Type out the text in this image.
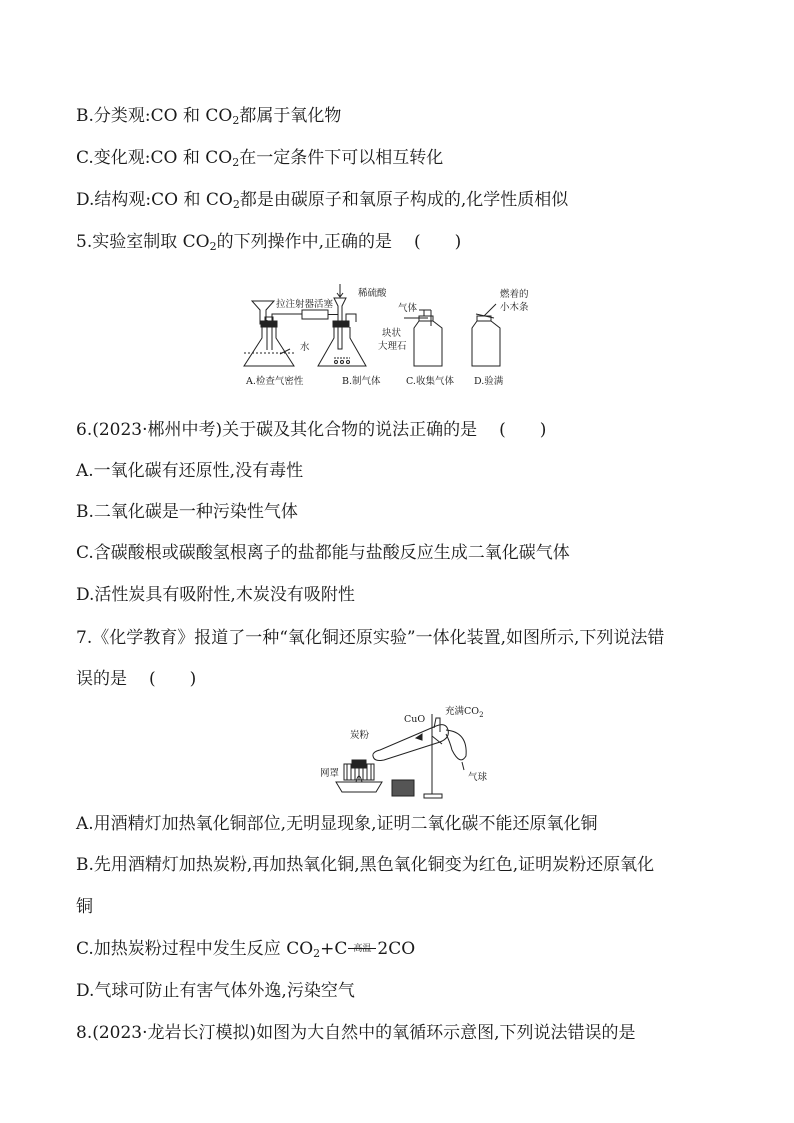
B.分类观:CO 和 $CO_2$都属于氧化物
C.变化观:CO 和 $CO_2$在一定条件下可以相互转化
D.结构观:CO 和 $CO_2$都是由碳原子和氧原子构成的,化学性质相似
5.实验室制取 $CO_2$的下列操作中,正确的是 (　　)
拉注射器活塞
稀硫酸
水
块状
大理石
气体
燃着的
小木条
A.检查气密性	B.制气体	C.收集气体 D.验满
6.(2023·郴州中考)关于碳及其化合物的说法正确的是 (　　)
A.一氧化碳有还原性,没有毒性
B.二氧化碳是一种污染性气体
C.含碳酸根或碳酸氢根离子的盐都能与盐酸反应生成二氧化碳气体
D.活性炭具有吸附性,木炭没有吸附性
7.《化学教育》报道了一种“氧化铜还原实验”一体化装置,如图所示,下列说法错
误的是 (　　)
CuO
充满$CO_2$
炭粉
网罩	气球
A.用酒精灯加热氧化铜部位,无明显现象,证明二氧化碳不能还原氧化铜
B.先用酒精灯加热炭粉,再加热氧化铜,黑色氧化铜变为红色,证明炭粉还原氧化
铜
C.加热炭粉过程中发生反应 $CO_2+C$ 高温 2CO
D.气球可防止有害气体外逸,污染空气
8.(2023·龙岩长汀模拟)如图为大自然中的氧循环示意图,下列说法错误的是
